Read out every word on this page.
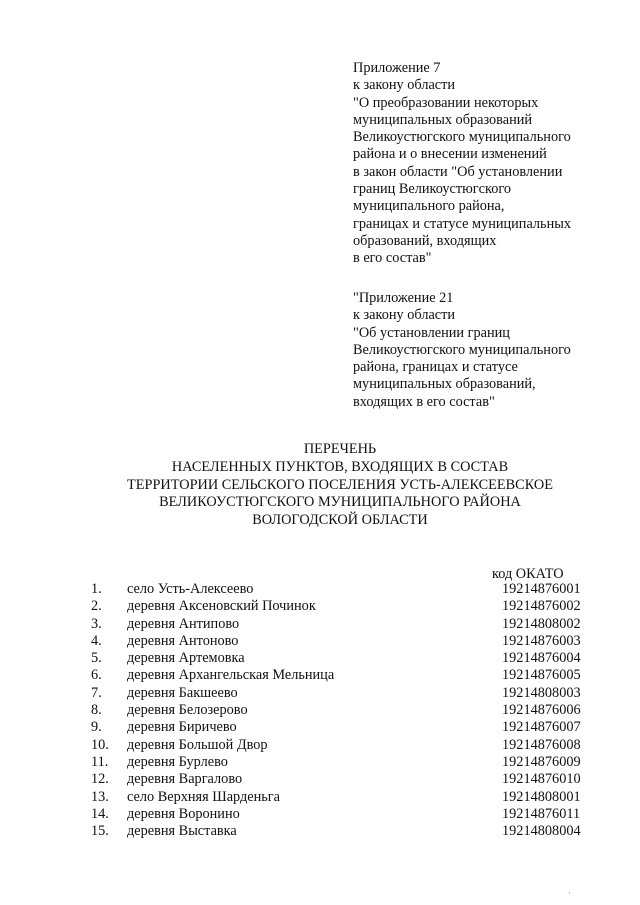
Приложение 7
к закону области
"О преобразовании некоторых
муниципальных образований
Великоустюгского муниципального
района и о внесении изменений
в закон области "Об установлении
границ Великоустюгского
муниципального района,
границах и статусе муниципальных
образований, входящих
в его состав"
"Приложение 21
к закону области
"Об установлении границ
Великоустюгского муниципального
района, границах и статусе
муниципальных образований,
входящих в его состав"
ПЕРЕЧЕНЬ
НАСЕЛЕННЫХ ПУНКТОВ, ВХОДЯЩИХ В СОСТАВ
ТЕРРИТОРИИ СЕЛЬСКОГО ПОСЕЛЕНИЯ УСТЬ-АЛЕКСЕЕВСКОЕ
ВЕЛИКОУСТЮГСКОГО МУНИЦИПАЛЬНОГО РАЙОНА
ВОЛОГОДСКОЙ ОБЛАСТИ
код ОКАТО
1. село Усть-Алексеево	19214876001
2. деревня Аксеновский Починок	19214876002
3. деревня Антипово	19214808002
4. деревня Антоново	19214876003
5. деревня Артемовка	19214876004
6. деревня Архангельская Мельница	19214876005
7. деревня Бакшеево	19214808003
8. деревня Белозерово	19214876006
9. деревня Биричево	19214876007
10. деревня Большой Двор	19214876008
11. деревня Бурлево	19214876009
12. деревня Варгалово	19214876010
13. село Верхняя Шарденьга	19214808001
14. деревня Воронино	19214876011
15. деревня Выставка	19214808004
·
